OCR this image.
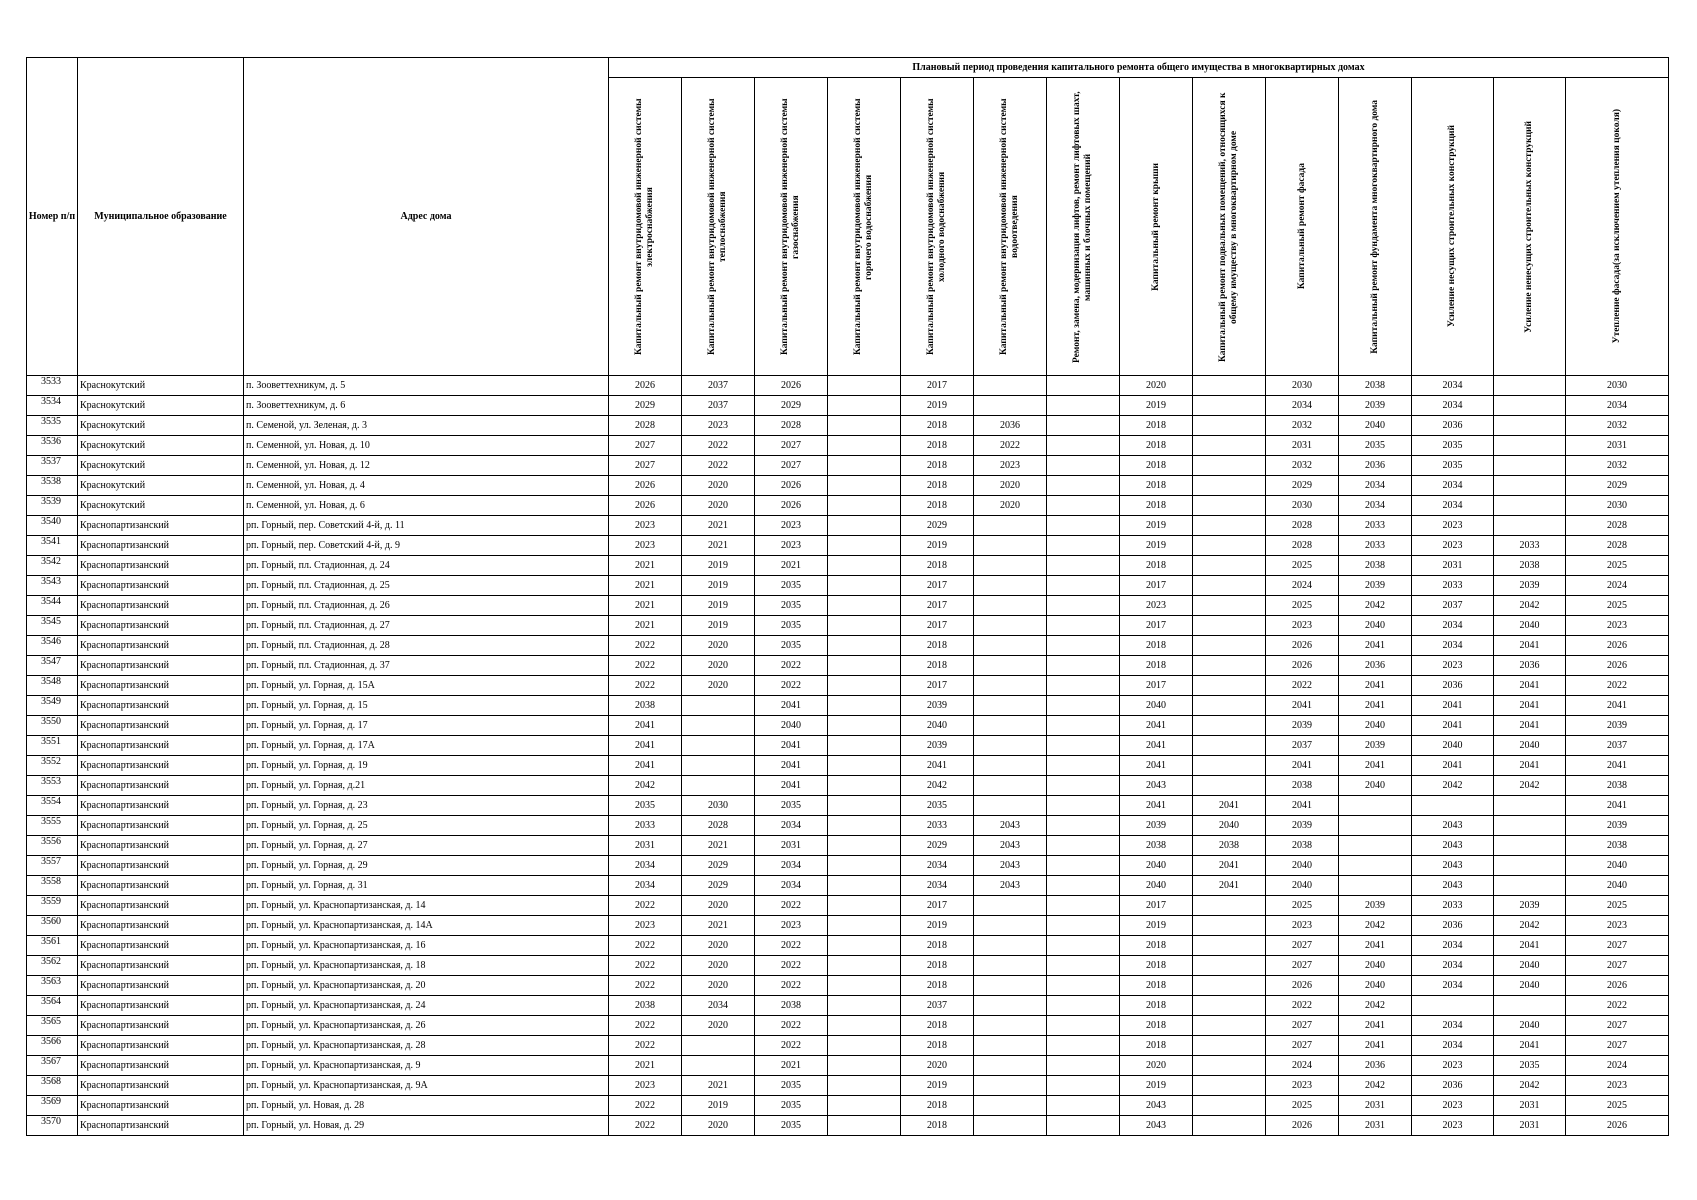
Номер п/п	Муниципальное образование	Адрес дома	Плановый период проведения капитального ремонта общего имущества в многоквартирных домах													

			Капитальный ремонт внутридомовой инженерной системы электроснабжения	Капитальный ремонт внутридомовой инженерной системы теплоснабжения	Капитальный ремонт внутридомовой инженерной системы газоснабжения	Капитальный ремонт внутридомовой инженерной системы горячего водоснабжения	Капитальный ремонт внутридомовой инженерной системы холодного водоснабжения	Капитальный ремонт внутридомовой инженерной системы водоотведения	Ремонт, замена, модернизация лифтов, ремонт лифтовых шахт, машинных и блочных помещений	Капитальный ремонт крыши	Капитальный ремонт подвальных помещений, относящихся к общему имуществу в многоквартирном доме	Капитальный ремонт фасада	Капитальный ремонт фундамента многоквартирного дома	Усиление несущих строительных конструкций	Усиление ненесущих строительных конструкций	Утепление фасада(за исключением утепления цоколя)

3533	Краснокутский	п. Зооветтехникум, д. 5	2026	2037	2026		2017			2020		2030	2038	2034		2030
3534	Краснокутский	п. Зооветтехникум, д. 6	2029	2037	2029		2019			2019		2034	2039	2034		2034
3535	Краснокутский	п. Семеной, ул. Зеленая, д. 3	2028	2023	2028		2018	2036		2018		2032	2040	2036		2032
3536	Краснокутский	п. Семенной, ул. Новая, д. 10	2027	2022	2027		2018	2022		2018		2031	2035	2035		2031
3537	Краснокутский	п. Семенной, ул. Новая, д. 12	2027	2022	2027		2018	2023		2018		2032	2036	2035		2032
3538	Краснокутский	п. Семенной, ул. Новая, д. 4	2026	2020	2026		2018	2020		2018		2029	2034	2034		2029
3539	Краснокутский	п. Семенной, ул. Новая, д. 6	2026	2020	2026		2018	2020		2018		2030	2034	2034		2030
3540	Краснопартизанский	рп. Горный, пер. Советский 4-й, д. 11	2023	2021	2023		2029			2019		2028	2033	2023		2028
3541	Краснопартизанский	рп. Горный, пер. Советский 4-й, д. 9	2023	2021	2023		2019			2019		2028	2033	2023	2033	2028
3542	Краснопартизанский	рп. Горный, пл. Стадионная, д. 24	2021	2019	2021		2018			2018		2025	2038	2031	2038	2025
3543	Краснопартизанский	рп. Горный, пл. Стадионная, д. 25	2021	2019	2035		2017			2017		2024	2039	2033	2039	2024
3544	Краснопартизанский	рп. Горный, пл. Стадионная, д. 26	2021	2019	2035		2017			2023		2025	2042	2037	2042	2025
3545	Краснопартизанский	рп. Горный, пл. Стадионная, д. 27	2021	2019	2035		2017			2017		2023	2040	2034	2040	2023
3546	Краснопартизанский	рп. Горный, пл. Стадионная, д. 28	2022	2020	2035		2018			2018		2026	2041	2034	2041	2026
3547	Краснопартизанский	рп. Горный, пл. Стадионная, д. 37	2022	2020	2022		2018			2018		2026	2036	2023	2036	2026
3548	Краснопартизанский	рп. Горный, ул. Горная, д. 15А	2022	2020	2022		2017			2017		2022	2041	2036	2041	2022
3549	Краснопартизанский	рп. Горный, ул. Горная, д. 15	2038		2041		2039			2040		2041	2041	2041	2041	2041
3550	Краснопартизанский	рп. Горный, ул. Горная, д. 17	2041		2040		2040			2041		2039	2040	2041	2041	2039
3551	Краснопартизанский	рп. Горный, ул. Горная, д. 17А	2041		2041		2039			2041		2037	2039	2040	2040	2037
3552	Краснопартизанский	рп. Горный, ул. Горная, д. 19	2041		2041		2041			2041		2041	2041	2041	2041	2041
3553	Краснопартизанский	рп. Горный, ул. Горная, д.21	2042		2041		2042			2043		2038	2040	2042	2042	2038
3554	Краснопартизанский	рп. Горный, ул. Горная, д. 23	2035	2030	2035		2035			2041	2041	2041				2041
3555	Краснопартизанский	рп. Горный, ул. Горная, д. 25	2033	2028	2034		2033	2043		2039	2040	2039		2043		2039
3556	Краснопартизанский	рп. Горный, ул. Горная, д. 27	2031	2021	2031		2029	2043		2038	2038	2038		2043		2038
3557	Краснопартизанский	рп. Горный, ул. Горная, д. 29	2034	2029	2034		2034	2043		2040	2041	2040		2043		2040
3558	Краснопартизанский	рп. Горный, ул. Горная, д. 31	2034	2029	2034		2034	2043		2040	2041	2040		2043		2040
3559	Краснопартизанский	рп. Горный, ул. Краснопартизанская, д. 14	2022	2020	2022		2017			2017		2025	2039	2033	2039	2025
3560	Краснопартизанский	рп. Горный, ул. Краснопартизанская, д. 14А	2023	2021	2023		2019			2019		2023	2042	2036	2042	2023
3561	Краснопартизанский	рп. Горный, ул. Краснопартизанская, д. 16	2022	2020	2022		2018			2018		2027	2041	2034	2041	2027
3562	Краснопартизанский	рп. Горный, ул. Краснопартизанская, д. 18	2022	2020	2022		2018			2018		2027	2040	2034	2040	2027
3563	Краснопартизанский	рп. Горный, ул. Краснопартизанская, д. 20	2022	2020	2022		2018			2018		2026	2040	2034	2040	2026
3564	Краснопартизанский	рп. Горный, ул. Краснопартизанская, д. 24	2038	2034	2038		2037			2018		2022	2042			2022
3565	Краснопартизанский	рп. Горный, ул. Краснопартизанская, д. 26	2022	2020	2022		2018			2018		2027	2041	2034	2040	2027
3566	Краснопартизанский	рп. Горный, ул. Краснопартизанская, д. 28	2022		2022		2018			2018		2027	2041	2034	2041	2027
3567	Краснопартизанский	рп. Горный, ул. Краснопартизанская, д. 9	2021		2021		2020			2020		2024	2036	2023	2035	2024
3568	Краснопартизанский	рп. Горный, ул. Краснопартизанская, д. 9А	2023	2021	2035		2019			2019		2023	2042	2036	2042	2023
3569	Краснопартизанский	рп. Горный, ул. Новая, д. 28	2022	2019	2035		2018			2043		2025	2031	2023	2031	2025
3570	Краснопартизанский	рп. Горный, ул. Новая, д. 29	2022	2020	2035		2018			2043		2026	2031	2023	2031	2026
